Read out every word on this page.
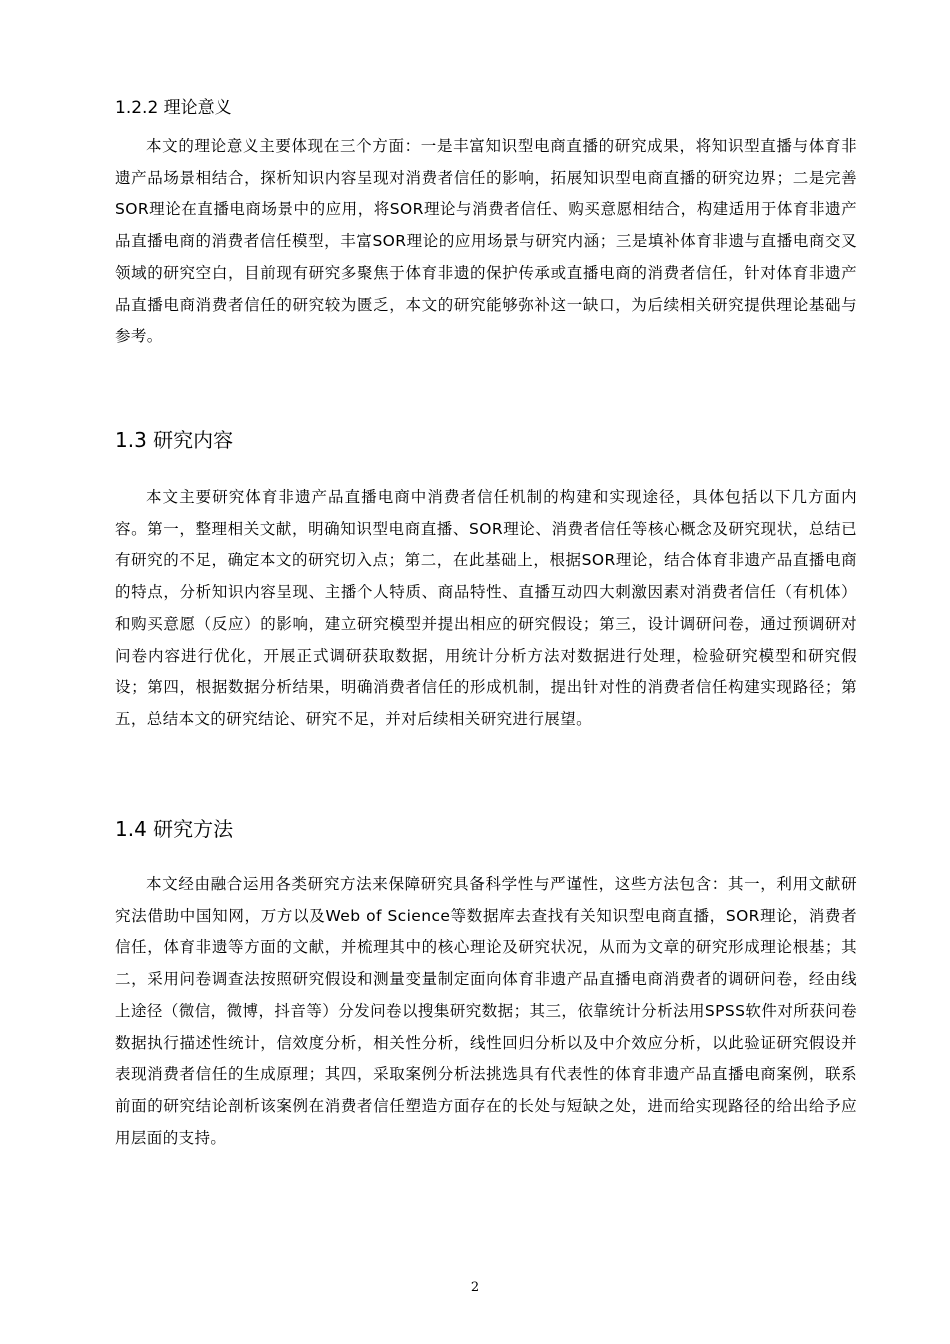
1.2.2 理论意义

本文的理论意义主要体现在三个方面：一是丰富知识型电商直播的研究成果，将知识型直播与体育非遗产品场景相结合，探析知识内容呈现对消费者信任的影响，拓展知识型电商直播的研究边界；二是完善SOR理论在直播电商场景中的应用，将SOR理论与消费者信任、购买意愿相结合，构建适用于体育非遗产品直播电商的消费者信任模型，丰富SOR理论的应用场景与研究内涵；三是填补体育非遗与直播电商交叉领域的研究空白，目前现有研究多聚焦于体育非遗的保护传承或直播电商的消费者信任，针对体育非遗产品直播电商消费者信任的研究较为匮乏，本文的研究能够弥补这一缺口，为后续相关研究提供理论基础与参考。

1.3 研究内容

本文主要研究体育非遗产品直播电商中消费者信任机制的构建和实现途径，具体包括以下几方面内容。第一，整理相关文献，明确知识型电商直播、SOR理论、消费者信任等核心概念及研究现状，总结已有研究的不足，确定本文的研究切入点；第二，在此基础上，根据SOR理论，结合体育非遗产品直播电商的特点，分析知识内容呈现、主播个人特质、商品特性、直播互动四大刺激因素对消费者信任（有机体）和购买意愿（反应）的影响，建立研究模型并提出相应的研究假设；第三，设计调研问卷，通过预调研对问卷内容进行优化，开展正式调研获取数据，用统计分析方法对数据进行处理，检验研究模型和研究假设；第四，根据数据分析结果，明确消费者信任的形成机制，提出针对性的消费者信任构建实现路径；第五，总结本文的研究结论、研究不足，并对后续相关研究进行展望。

1.4 研究方法

本文经由融合运用各类研究方法来保障研究具备科学性与严谨性，这些方法包含：其一，利用文献研究法借助中国知网，万方以及Web of Science等数据库去查找有关知识型电商直播，SOR理论，消费者信任，体育非遗等方面的文献，并梳理其中的核心理论及研究状况，从而为文章的研究形成理论根基；其二，采用问卷调查法按照研究假设和测量变量制定面向体育非遗产品直播电商消费者的调研问卷，经由线上途径（微信，微博，抖音等）分发问卷以搜集研究数据；其三，依靠统计分析法用SPSS软件对所获问卷数据执行描述性统计，信效度分析，相关性分析，线性回归分析以及中介效应分析，以此验证研究假设并表现消费者信任的生成原理；其四，采取案例分析法挑选具有代表性的体育非遗产品直播电商案例，联系前面的研究结论剖析该案例在消费者信任塑造方面存在的长处与短缺之处，进而给实现路径的给出给予应用层面的支持。

2
